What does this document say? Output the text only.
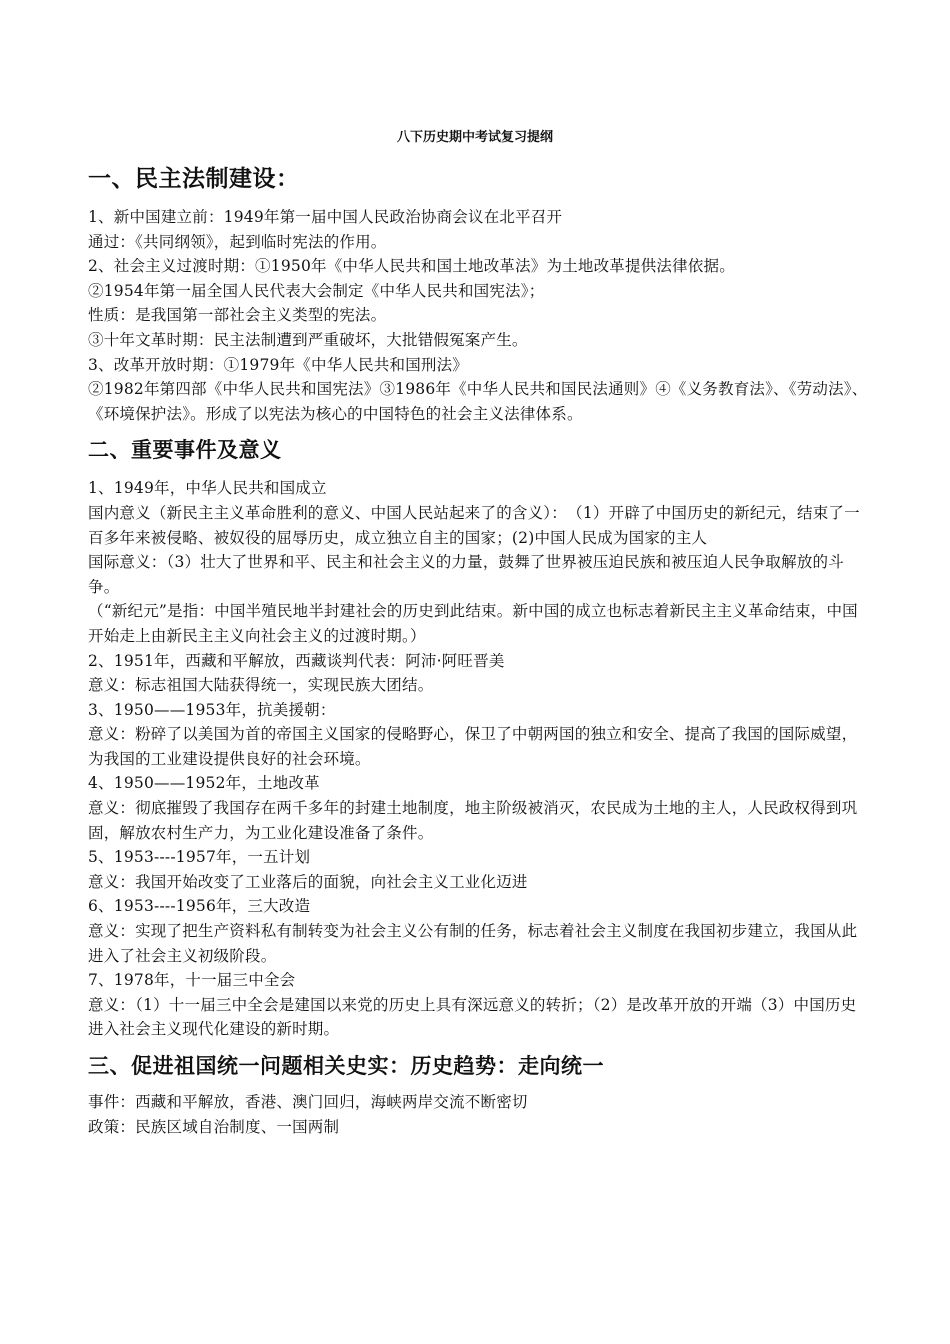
八下历史期中考试复习提纲
一、民主法制建设：

1、新中国建立前：1949年第一届中国人民政治协商会议在北平召开

通过：《共同纲领》，起到临时宪法的作用。

2、社会主义过渡时期：①1950年《中华人民共和国土地改革法》为土地改革提供法律依据。

②1954年第一届全国人民代表大会制定《中华人民共和国宪法》；

性质：是我国第一部社会主义类型的宪法。

③十年文革时期：民主法制遭到严重破坏，大批错假冤案产生。

3、改革开放时期：①1979年《中华人民共和国刑法》

②1982年第四部《中华人民共和国宪法》③1986年《中华人民共和国民法通则》④《义务教育法》、《劳动法》、《环境保护法》。形成了以宪法为核心的中国特色的社会主义法律体系。

二、重要事件及意义

1、1949年，中华人民共和国成立

国内意义（新民主主义革命胜利的意义、中国人民站起来了的含义）：　（1）开辟了中国历史的新纪元，结束了一百多年来被侵略、被奴役的屈辱历史，成立独立自主的国家；(2)中国人民成为国家的主人

国际意义：（3）壮大了世界和平、民主和社会主义的力量，鼓舞了世界被压迫民族和被压迫人民争取解放的斗争。

（“新纪元”是指：中国半殖民地半封建社会的历史到此结束。新中国的成立也标志着新民主主义革命结束，中国开始走上由新民主主义向社会主义的过渡时期。）

2、1951年，西藏和平解放，西藏谈判代表：阿沛·阿旺晋美

意义：标志祖国大陆获得统一，实现民族大团结。

3、1950——1953年，抗美援朝：

意义：粉碎了以美国为首的帝国主义国家的侵略野心，保卫了中朝两国的独立和安全、提高了我国的国际威望，为我国的工业建设提供良好的社会环境。

4、1950——1952年，土地改革

意义：彻底摧毁了我国存在两千多年的封建土地制度，地主阶级被消灭，农民成为土地的主人，人民政权得到巩固，解放农村生产力，为工业化建设准备了条件。

5、1953----1957年，一五计划

意义：我国开始改变了工业落后的面貌，向社会主义工业化迈进

6、1953----1956年，三大改造

意义：实现了把生产资料私有制转变为社会主义公有制的任务，标志着社会主义制度在我国初步建立，我国从此进入了社会主义初级阶段。

7、1978年，十一届三中全会

意义：（1）十一届三中全会是建国以来党的历史上具有深远意义的转折；（2）是改革开放的开端（3）中国历史进入社会主义现代化建设的新时期。

三、促进祖国统一问题相关史实：历史趋势：走向统一

事件：西藏和平解放，香港、澳门回归，海峡两岸交流不断密切

政策：民族区域自治制度、一国两制
